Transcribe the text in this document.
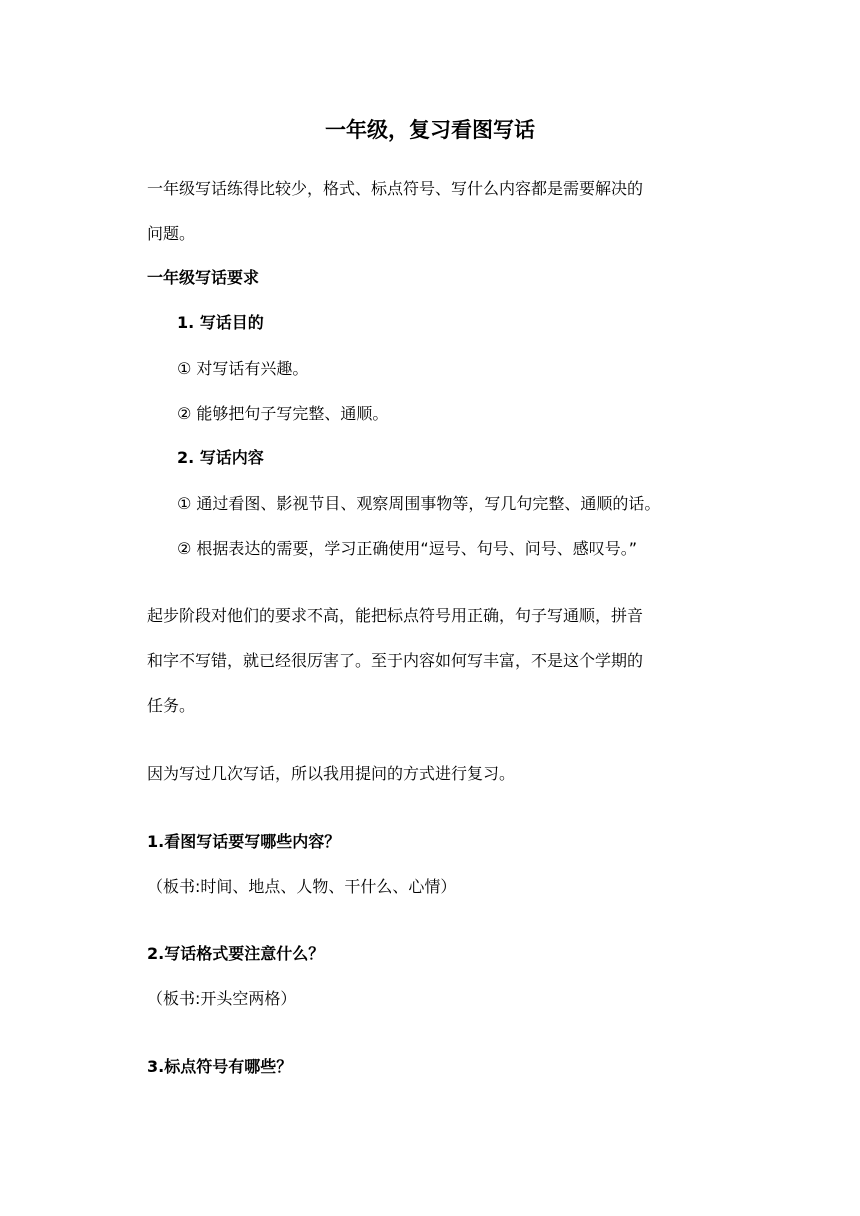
一年级，复习看图写话
一年级写话练得比较少，格式、标点符号、写什么内容都是需要解决的
问题。
一年级写话要求
1. 写话目的
① 对写话有兴趣。
② 能够把句子写完整、通顺。
2. 写话内容
① 通过看图、影视节目、观察周围事物等，写几句完整、通顺的话。
② 根据表达的需要，学习正确使用“逗号、句号、问号、感叹号。”
起步阶段对他们的要求不高，能把标点符号用正确，句子写通顺，拼音
和字不写错，就已经很厉害了。至于内容如何写丰富，不是这个学期的
任务。
因为写过几次写话，所以我用提问的方式进行复习。
1.看图写话要写哪些内容？
（板书:时间、地点、人物、干什么、心情）
2.写话格式要注意什么？
（板书:开头空两格）
3.标点符号有哪些？
